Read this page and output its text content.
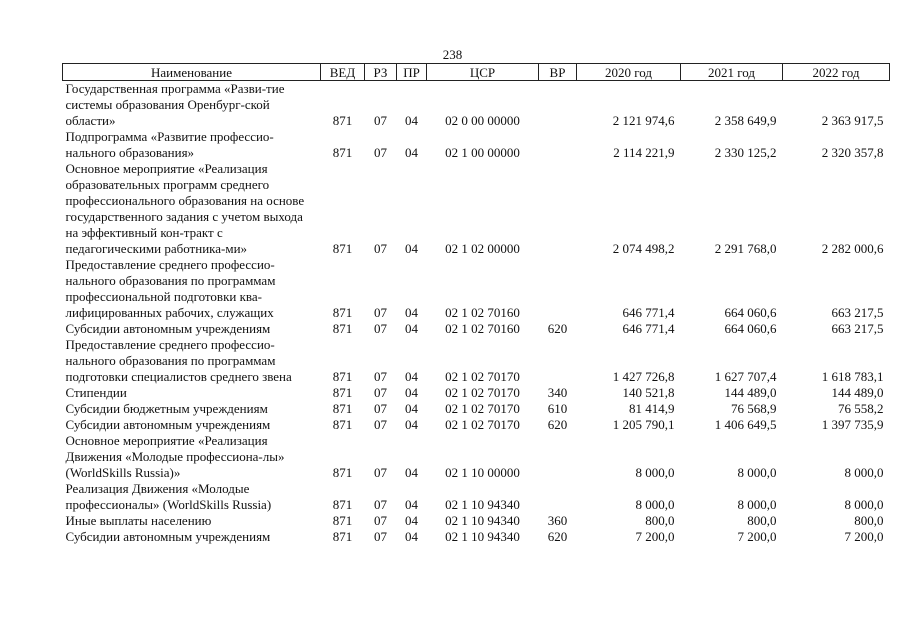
238
Наименование	ВЕД	РЗ	ПР	ЦСР	ВР	2020 год	2021 год	2022 год
Государственная программа «Разви-тие системы образования Оренбург-ской области»	871	07	04	02 0 00 00000		2 121 974,6	2 358 649,9	2 363 917,5
Подпрограмма «Развитие профессио-нального образования»	871	07	04	02 1 00 00000		2 114 221,9	2 330 125,2	2 320 357,8
Основное мероприятие «Реализация образовательных программ среднего профессионального образования на основе государственного задания с учетом выхода на эффективный кон-тракт с педагогическими работника-ми»	871	07	04	02 1 02 00000		2 074 498,2	2 291 768,0	2 282 000,6
Предоставление среднего профессио-нального образования по программам профессиональной подготовки ква-лифицированных рабочих, служащих	871	07	04	02 1 02 70160		646 771,4	664 060,6	663 217,5
Субсидии автономным учреждениям	871	07	04	02 1 02 70160	620	646 771,4	664 060,6	663 217,5
Предоставление среднего профессио-нального образования по программам подготовки специалистов среднего звена	871	07	04	02 1 02 70170		1 427 726,8	1 627 707,4	1 618 783,1
Стипендии	871	07	04	02 1 02 70170	340	140 521,8	144 489,0	144 489,0
Субсидии бюджетным учреждениям	871	07	04	02 1 02 70170	610	81 414,9	76 568,9	76 558,2
Субсидии автономным учреждениям	871	07	04	02 1 02 70170	620	1 205 790,1	1 406 649,5	1 397 735,9
Основное мероприятие «Реализация Движения «Молодые профессиона-лы» (WorldSkills Russia)»	871	07	04	02 1 10 00000		8 000,0	8 000,0	8 000,0
Реализация Движения «Молодые профессионалы» (WorldSkills Russia)	871	07	04	02 1 10 94340		8 000,0	8 000,0	8 000,0
Иные выплаты населению	871	07	04	02 1 10 94340	360	800,0	800,0	800,0
Субсидии автономным учреждениям	871	07	04	02 1 10 94340	620	7 200,0	7 200,0	7 200,0
